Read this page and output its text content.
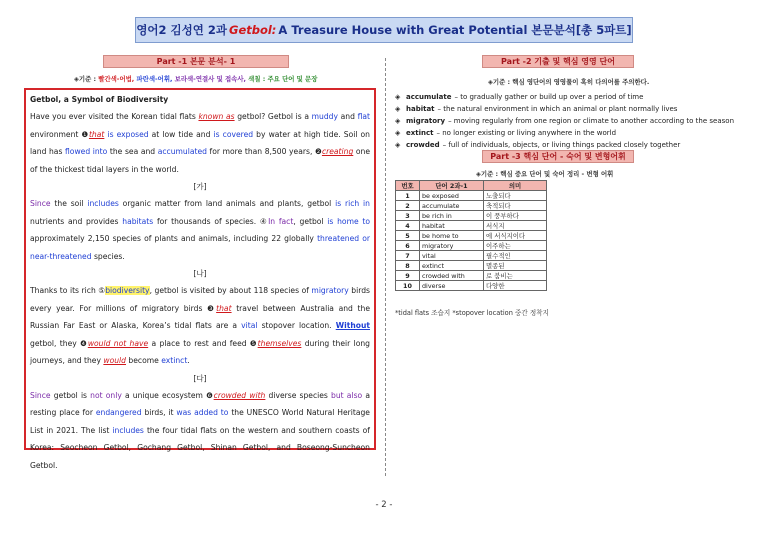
영어2 김성연 2과 Getbol: A Treasure House with Great Potential 본문분석[총 5파트]
Part -1 본문 분석- 1
◈기준 : 빨간색-어법, 파란색-어휘, 보라색-연결사 및 접속사, 색칠 : 주요 단어 및 문장
Getbol, a Symbol of Biodiversity

Have you ever visited the Korean tidal flats known as getbol? Getbol is a muddy and flat environment ❶that is exposed at low tide and is covered by water at high tide. Soil on land has flowed into the sea and accumulated for more than 8,500 years, ❷creating one of the thickest tidal layers in the world.

[가]

Since the soil includes organic matter from land animals and plants, getbol is rich in nutrients and provides habitats for thousands of species. ④In fact, getbol is home to approximately 2,150 species of plants and animals, including 22 globally threatened or near-threatened species.

[나]

Thanks to its rich ⑤biodiversity, getbol is visited by about 118 species of migratory birds every year. For millions of migratory birds ❸that travel between Australia and the Russian Far East or Alaska, Korea’s tidal flats are a vital stopover location. Without getbol, they ❹would not have a place to rest and feed ❺themselves during their long journeys, and they would become extinct.

[다]

Since getbol is not only a unique ecosystem ❻crowded with diverse species but also a resting place for endangered birds, it was added to the UNESCO World Natural Heritage List in 2021. The list includes the four tidal flats on the western and southern coasts of Korea: Seocheon Getbol, Gochang Getbol, Shinan Getbol, and Boseong-Suncheon Getbol.

Part -2 기출 및 핵심 영영 단어
◈기준 : 핵심 영단어의 영영풀이 혹히 다의어를 주의한다.
◈ accumulate – to gradually gather or build up over a period of time
◈ habitat – the natural environment in which an animal or plant normally lives
◈ migratory – moving regularly from one region or climate to another according to the season
◈ extinct – no longer existing or living anywhere in the world
◈ crowded – full of individuals, objects, or living things packed closely together
Part -3 핵심 단어 - 숙어 및 변형어휘
◈기준 : 핵심 중요 단어 및 숙어 정리 - 변형 어휘
번호	단어 2과-1	의미
1	be exposed	노출되다
2	accumulate	축적되다
3	be rich in	이 풍부하다
4	habitat	서식지
5	be home to	에 서식지이다
6	migratory	이주하는
7	vital	필수적인
8	extinct	멸종된
9	crowded with	로 붐비는
10	diverse	다양한
*tidal flats 조습지 *stopover location 중간 정착지
- 2 -
